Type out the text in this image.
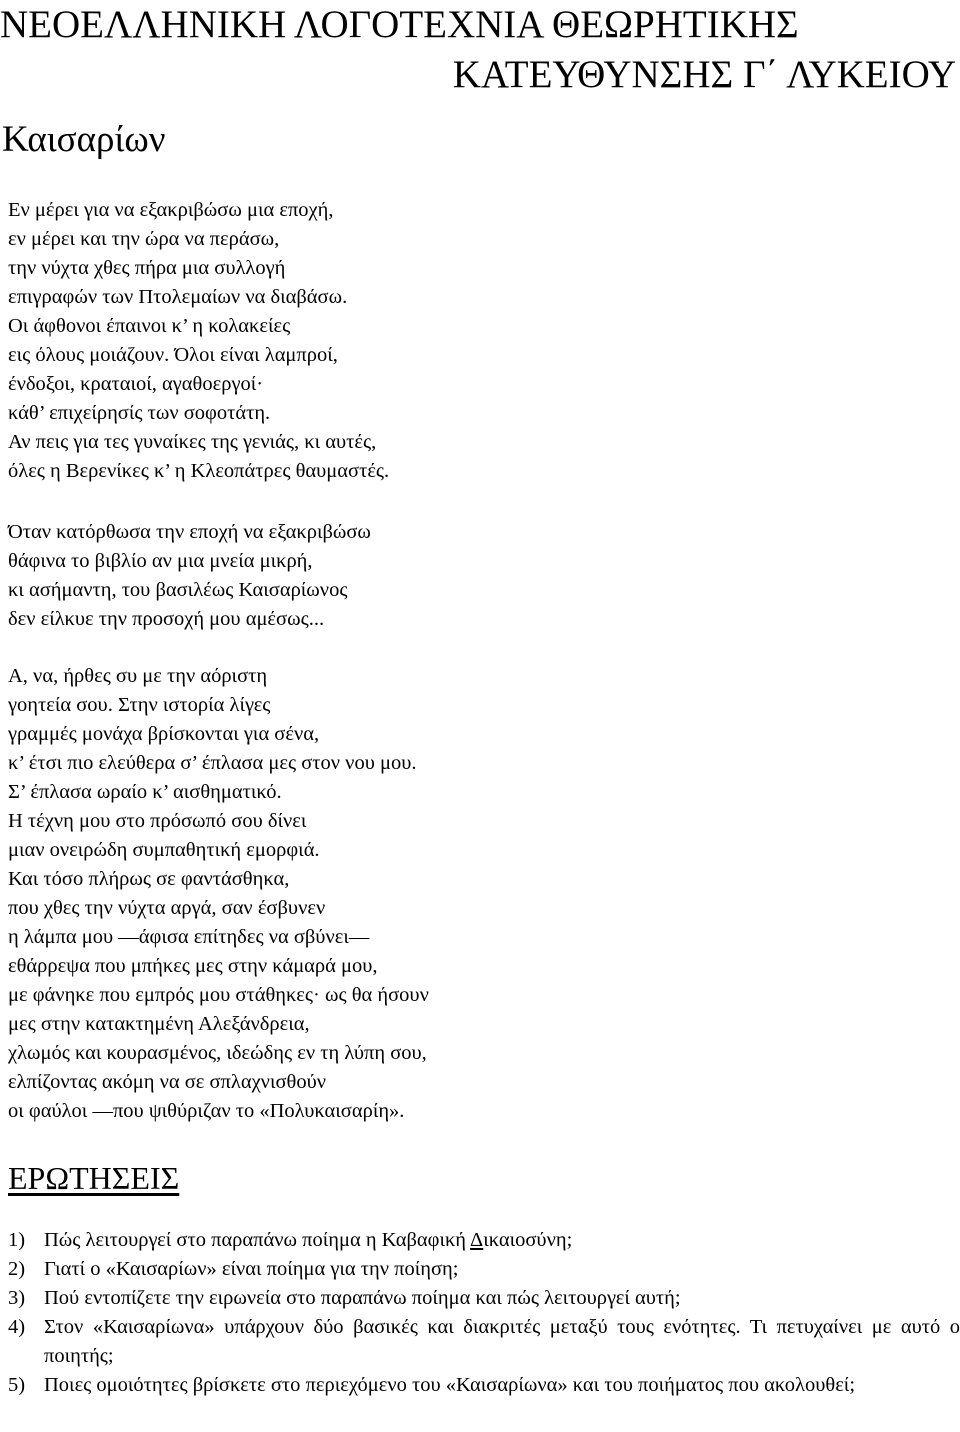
ΝΕΟΕΛΛΗΝΙΚΗ ΛΟΓΟΤΕΧΝΙΑ ΘΕΩΡΗΤΙΚΗΣ
ΚΑΤΕΥΘΥΝΣΗΣ Γ΄ ΛΥΚΕΙΟΥ
Καισαρίων
Εν μέρει για να εξακριβώσω μια εποχή,
εν μέρει και την ώρα να περάσω,
την νύχτα χθες πήρα μια συλλογή
επιγραφών των Πτολεμαίων να διαβάσω.
Οι άφθονοι έπαινοι κ’ η κολακείες
εις όλους μοιάζουν. Όλοι είναι λαμπροί,
ένδοξοι, κραταιοί, αγαθοεργοί·
κάθ’ επιχείρησίς των σοφοτάτη.
Αν πεις για τες γυναίκες της γενιάς, κι αυτές,
όλες η Βερενίκες κ’ η Κλεοπάτρες θαυμαστές.
Όταν κατόρθωσα την εποχή να εξακριβώσω
θάφινα το βιβλίο αν μια μνεία μικρή,
κι ασήμαντη, του βασιλέως Καισαρίωνος
δεν είλκυε την προσοχή μου αμέσως...
Α, να, ήρθες συ με την αόριστη
γοητεία σου. Στην ιστορία λίγες
γραμμές μονάχα βρίσκονται για σένα,
κ’ έτσι πιο ελεύθερα σ’ έπλασα μες στον νου μου.
Σ’ έπλασα ωραίο κ’ αισθηματικό.
Η τέχνη μου στο πρόσωπό σου δίνει
μιαν ονειρώδη συμπαθητική εμορφιά.
Και τόσο πλήρως σε φαντάσθηκα,
που χθες την νύχτα αργά, σαν έσβυνεν
η λάμπα μου —άφισα επίτηδες να σβύνει—
εθάρρεψα που μπήκες μες στην κάμαρά μου,
με φάνηκε που εμπρός μου στάθηκες· ως θα ήσουν
μες στην κατακτημένη Αλεξάνδρεια,
χλωμός και κουρασμένος, ιδεώδης εν τη λύπη σου,
ελπίζοντας ακόμη να σε σπλαχνισθούν
οι φαύλοι —που ψιθύριζαν το «Πολυκαισαρίη».
ΕΡΩΤΗΣΕΙΣ
1) Πώς λειτουργεί στο παραπάνω ποίημα η Καβαφική Δικαιοσύνη;
2) Γιατί ο «Καισαρίων» είναι ποίημα για την ποίηση;
3) Πού εντοπίζετε την ειρωνεία στο παραπάνω ποίημα και πώς λειτουργεί αυτή;
4) Στον «Καισαρίωνα» υπάρχουν δύο βασικές και διακριτές μεταξύ τους ενότητες. Τι πετυχαίνει με αυτό ο ποιητής;
5) Ποιες ομοιότητες βρίσκετε στο περιεχόμενο του «Καισαρίωνα» και του ποιήματος που ακολουθεί;
